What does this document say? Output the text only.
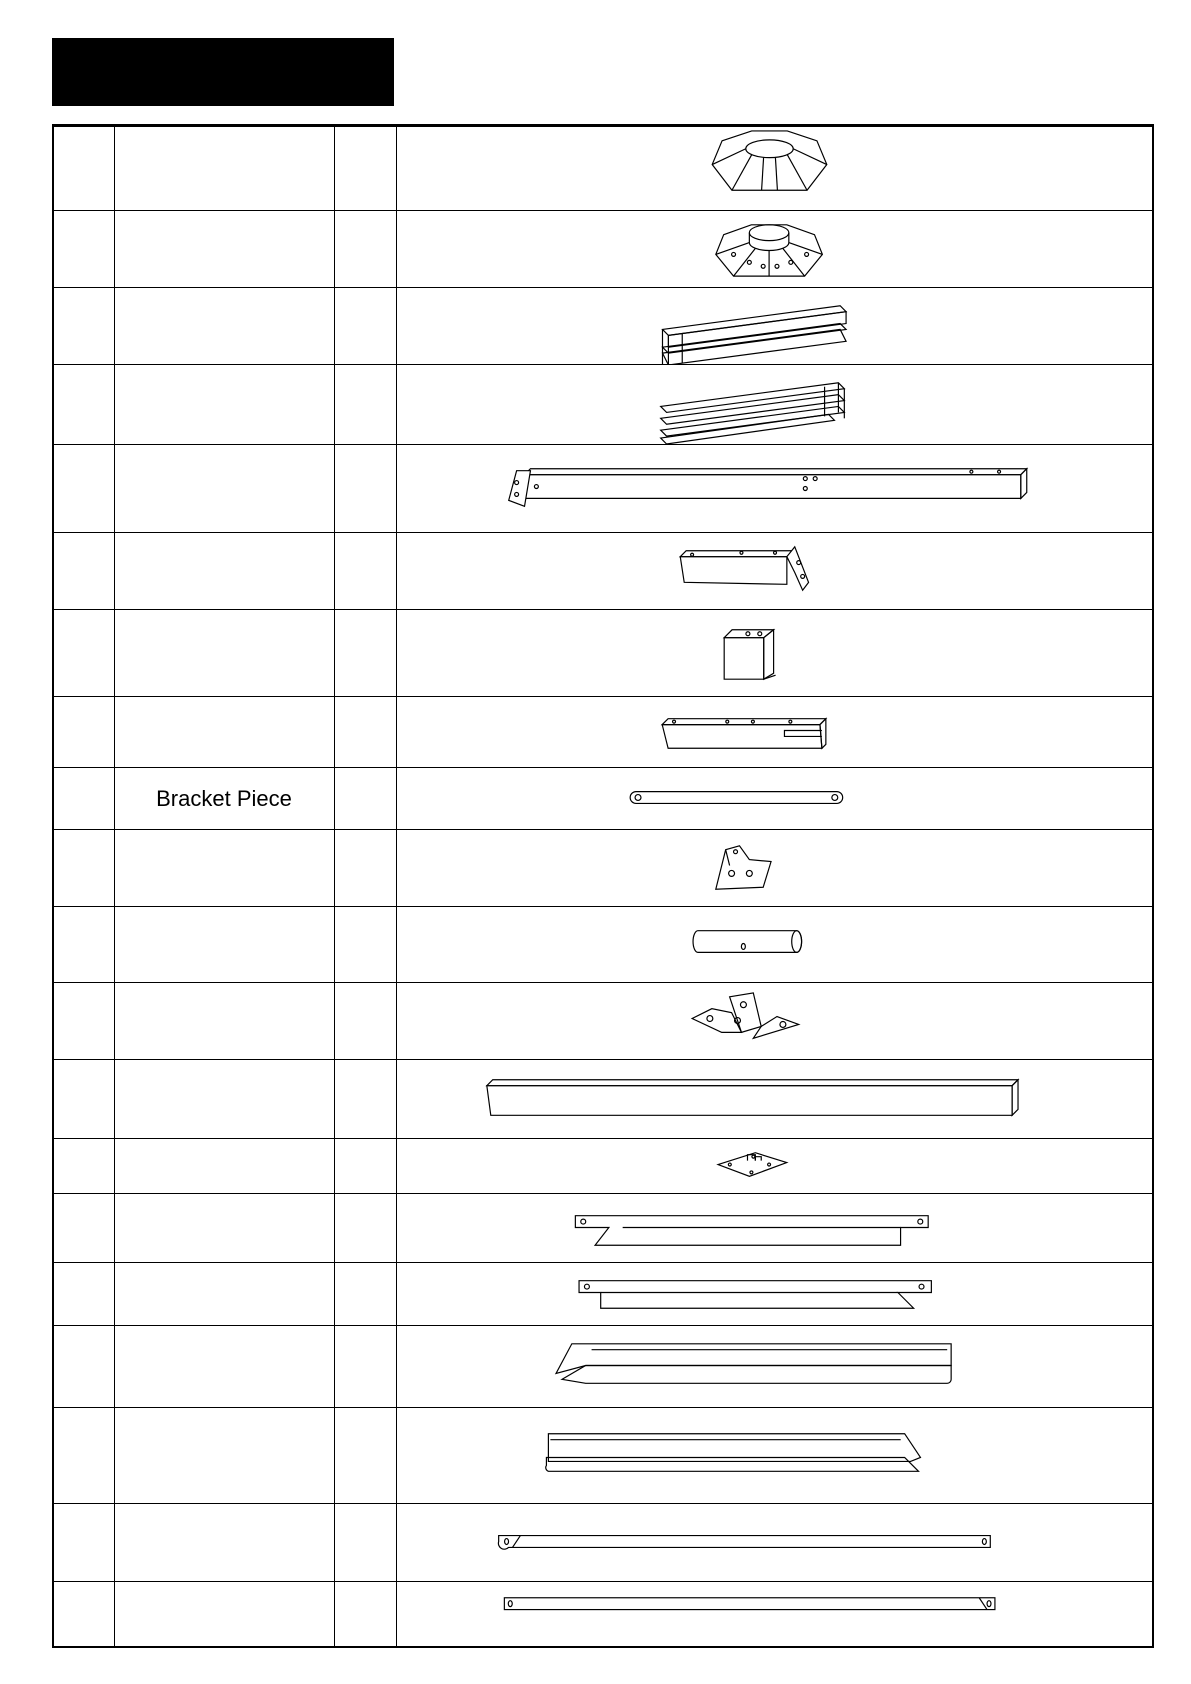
Bracket Piece
